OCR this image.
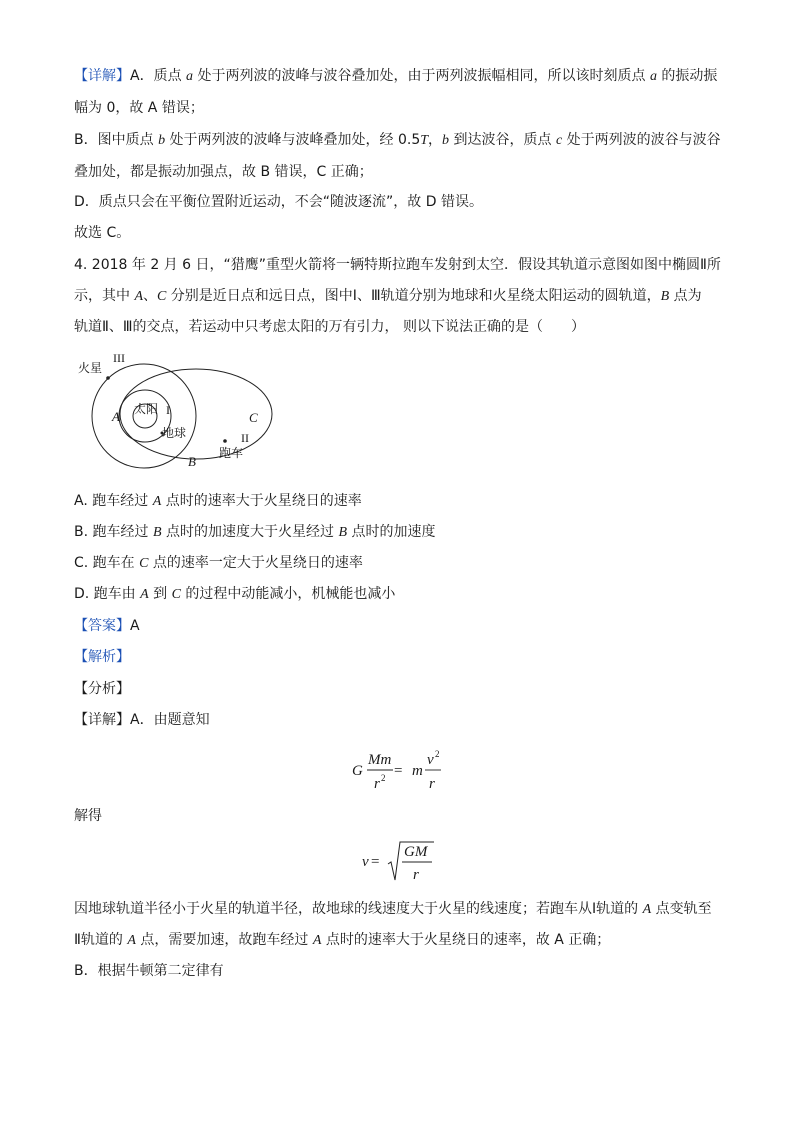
【详解】A．质点 a 处于两列波的波峰与波谷叠加处，由于两列波振幅相同，所以该时刻质点 a 的振动振
幅为 0，故 A 错误；
B．图中质点 b 处于两列波的波峰与波峰叠加处，经 0.5T，b 到达波谷，质点 c 处于两列波的波谷与波谷
叠加处，都是振动加强点，故 B 错误，C 正确；
D．质点只会在平衡位置附近运动，不会“随波逐流”，故 D 错误。
故选 C。
4. 2018 年 2 月 6 日，“猎鹰”重型火箭将一辆特斯拉跑车发射到太空．假设其轨道示意图如图中椭圆Ⅱ所
示，其中 A、C 分别是近日点和远日点，图中Ⅰ、Ⅲ轨道分别为地球和火星绕太阳运动的圆轨道，B 点为
轨道Ⅱ、Ⅲ的交点，若运动中只考虑太阳的万有引力， 则以下说法正确的是（　　）
III
火星
A 太阳 I	C
地球	II
跑车
B
A. 跑车经过 A 点时的速率大于火星绕日的速率
B. 跑车经过 B 点时的加速度大于火星经过 B 点时的加速度
C. 跑车在 C 点的速率一定大于火星绕日的速率
D. 跑车由 A 到 C 的过程中动能减小，机械能也减小
【答案】A
【解析】
【分析】
【详解】A．由题意知
G
Mm
r 2 = m
v 2
r
解得
v =
GM
r
因地球轨道半径小于火星的轨道半径，故地球的线速度大于火星的线速度；若跑车从Ⅰ轨道的 A 点变轨至
Ⅱ轨道的 A 点，需要加速，故跑车经过 A 点时的速率大于火星绕日的速率，故 A 正确；
B．根据牛顿第二定律有
